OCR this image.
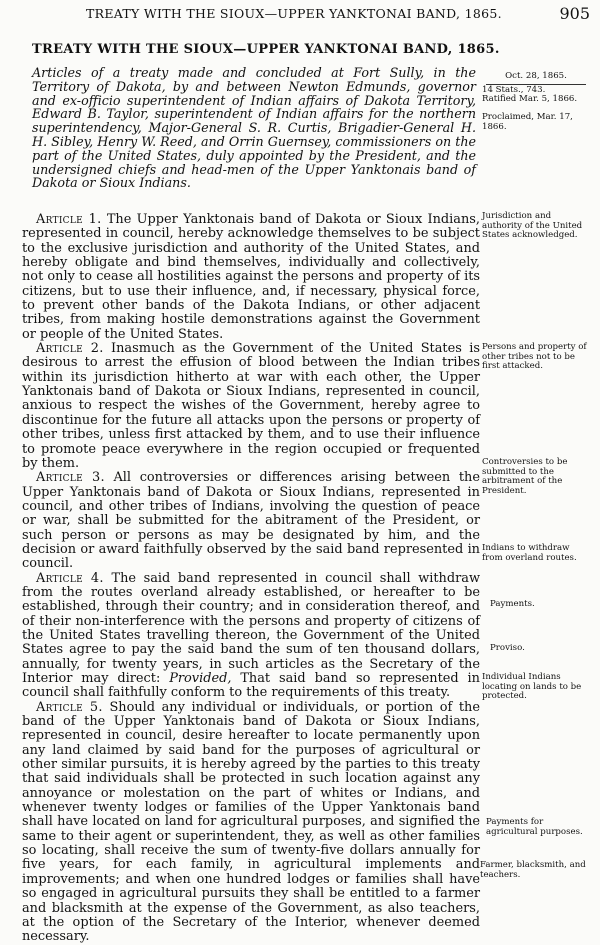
TREATY WITH THE SIOUX—UPPER YANKTONAI BAND, 1865.	905
TREATY WITH THE SIOUX—UPPER YANKTONAI BAND, 1865.

Articles of a treaty made and concluded at Fort Sully, in the Territory of Dakota, by and between Newton Edmunds, governor and ex-officio superintendent of Indian affairs of Dakota Territory, Edward B. Taylor, superintendent of Indian affairs for the northern superintendency, Major-General S. R. Curtis, Brigadier-General H. H. Sibley, Henry W. Reed, and Orrin Guernsey, commissioners on the part of the United States, duly appointed by the President, and the undersigned chiefs and head-men of the Upper Yanktonais band of Dakota or Sioux Indians.

Oct. 28, 1865.
14 Stats., 743.
Ratified Mar. 5, 1866.
Proclaimed, Mar. 17, 1866.

Article 1. The Upper Yanktonais band of Dakota or Sioux Indians, represented in council, hereby acknowledge themselves to be subject to the exclusive jurisdiction and authority of the United States, and hereby obligate and bind themselves, individually and collectively, not only to cease all hostilities against the persons and property of its citizens, but to use their influence, and, if necessary, physical force, to prevent other bands of the Dakota Indians, or other adjacent tribes, from making hostile demonstrations against the Government or people of the United States.

Article 2. Inasmuch as the Government of the United States is desirous to arrest the effusion of blood between the Indian tribes within its jurisdiction hitherto at war with each other, the Upper Yanktonais band of Dakota or Sioux Indians, represented in council, anxious to respect the wishes of the Government, hereby agree to discontinue for the future all attacks upon the persons or property of other tribes, unless first attacked by them, and to use their influence to promote peace everywhere in the region occupied or frequented by them.

Article 3. All controversies or differences arising between the Upper Yanktonais band of Dakota or Sioux Indians, represented in council, and other tribes of Indians, involving the question of peace or war, shall be submitted for the abitrament of the President, or such person or persons as may be designated by him, and the decision or award faithfully observed by the said band represented in council.

Article 4. The said band represented in council shall withdraw from the routes overland already established, or hereafter to be established, through their country; and in consideration thereof, and of their non-interference with the persons and property of citizens of the United States travelling thereon, the Government of the United States agree to pay the said band the sum of ten thousand dollars, annually, for twenty years, in such articles as the Secretary of the Interior may direct: Provided, That said band so represented in council shall faithfully conform to the requirements of this treaty.

Article 5. Should any individual or individuals, or portion of the band of the Upper Yanktonais band of Dakota or Sioux Indians, represented in council, desire hereafter to locate permanently upon any land claimed by said band for the purposes of agricultural or other similar pursuits, it is hereby agreed by the parties to this treaty that said individuals shall be protected in such location against any annoyance or molestation on the part of whites or Indians, and whenever twenty lodges or families of the Upper Yanktonais band shall have located on land for agricultural purposes, and signified the same to their agent or superintendent, they, as well as other families so locating, shall receive the sum of twenty-five dollars annually for five years, for each family, in agricultural implements and improvements; and when one hundred lodges or families shall have so engaged in agricultural pursuits they shall be entitled to a farmer and blacksmith at the expense of the Government, as also teachers, at the option of the Secretary of the Interior, whenever deemed necessary.

Jurisdiction and authority of the United States acknowledged.
Persons and property of other tribes not to be first attacked.
Controversies to be submitted to the arbitrament of the President.
Indians to withdraw from overland routes.
Payments.
Proviso.
Individual Indians locating on lands to be protected.
Payments for agricultural purposes.
Farmer, blacksmith, and teachers.
